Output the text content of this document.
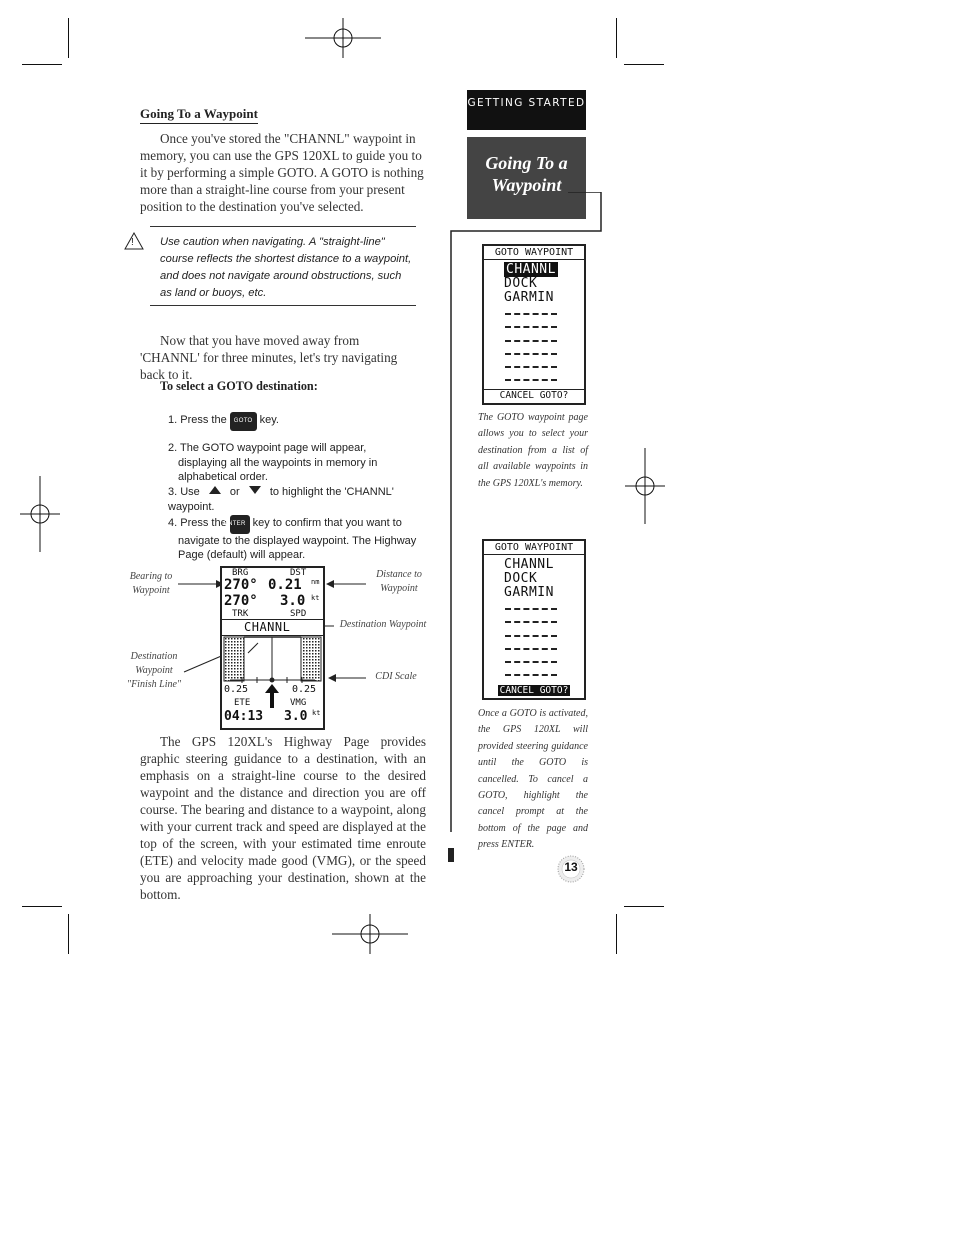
Going To a Waypoint
Once you've stored the "CHANNL" waypoint in memory, you can use the GPS 120XL to guide you to it by performing a simple GOTO. A GOTO is nothing more than a straight-line course from your present position to the destination you've selected.
! Use caution when navigating. A "straight-line" course reflects the shortest distance to a waypoint, and does not navigate around obstructions, such as land or buoys, etc.
Now that you have moved away from 'CHANNL' for three minutes, let's try navigating back to it.
To select a GOTO destination:
1. Press the GOTO key.
2. The GOTO waypoint page will appear, displaying all the waypoints in memory in alphabetical order.
3. Use	or	to highlight the 'CHANNL' waypoint.
4. Press the ENTER key to confirm that you want to navigate to the displayed waypoint. The Highway Page (default) will appear.
Bearing to Waypoint
Distance to Waypoint
Destination Waypoint
Destination Waypoint "Finish Line"
CDI Scale
BRG	DST
270° 0.21 nm
270° 3.0 kt
TRK	SPD
CHANNL
0.25	0.25
ETE	VMG
04:13 3.0 kt
The GPS 120XL's Highway Page provides graphic steering guidance to a destination, with an emphasis on a straight-line course to the desired waypoint and the distance and direction you are off course. The bearing and distance to a waypoint, along with your current track and speed are displayed at the top of the screen, with your estimated time enroute (ETE) and velocity made good (VMG), or the speed you are approaching your destination, shown at the bottom.
GETTING STARTED
Going To a Waypoint
GOTO WAYPOINT
CHANNL
DOCK
GARMIN
CANCEL GOTO?
The GOTO waypoint page allows you to select your destination from a list of all available waypoints in the GPS 120XL's memory.
GOTO WAYPOINT
CHANNL
DOCK
GARMIN
CANCEL GOTO?
Once a GOTO is activated, the GPS 120XL will provided steering guidance until the GOTO is cancelled. To cancel a GOTO, highlight the cancel prompt at the bottom of the page and press ENTER.
13
